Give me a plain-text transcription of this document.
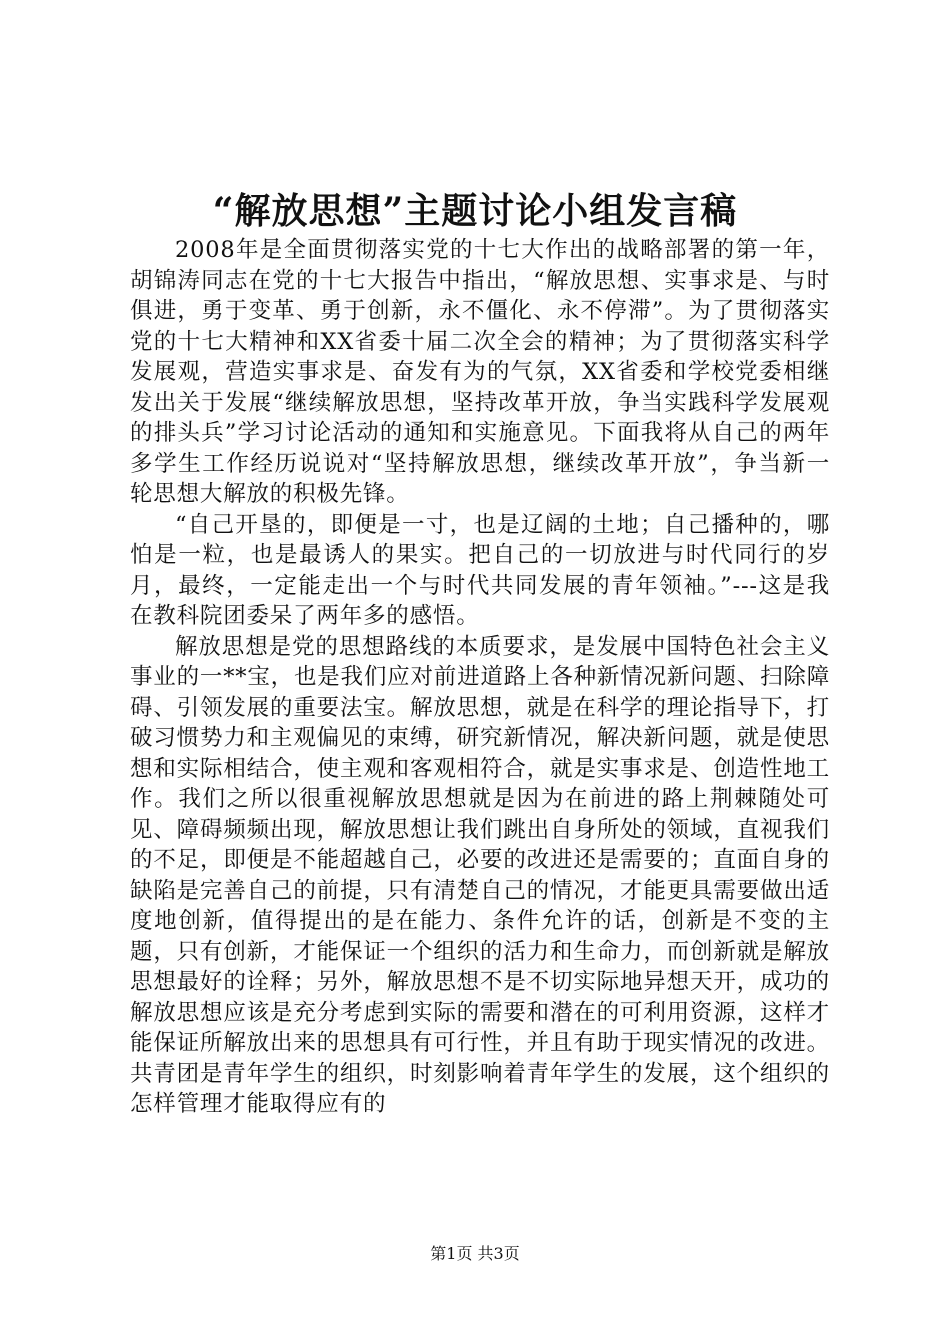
“解放思想”主题讨论小组发言稿

2008年是全面贯彻落实党的十七大作出的战略部署的第一年，胡锦涛同志在党的十七大报告中指出，“解放思想、实事求是、与时俱进，勇于变革、勇于创新，永不僵化、永不停滞”。为了贯彻落实党的十七大精神和XX省委十届二次全会的精神；为了贯彻落实科学发展观，营造实事求是、奋发有为的气氛，XX省委和学校党委相继发出关于发展“继续解放思想，坚持改革开放，争当实践科学发展观的排头兵”学习讨论活动的通知和实施意见。下面我将从自己的两年多学生工作经历说说对“坚持解放思想，继续改革开放”，争当新一轮思想大解放的积极先锋。

“自己开垦的，即便是一寸，也是辽阔的土地；自己播种的，哪怕是一粒，也是最诱人的果实。把自己的一切放进与时代同行的岁月，最终，一定能走出一个与时代共同发展的青年领袖。”---这是我在教科院团委呆了两年多的感悟。

解放思想是党的思想路线的本质要求，是发展中国特色社会主义事业的一**宝，也是我们应对前进道路上各种新情况新问题、扫除障碍、引领发展的重要法宝。解放思想，就是在科学的理论指导下，打破习惯势力和主观偏见的束缚，研究新情况，解决新问题，就是使思想和实际相结合，使主观和客观相符合，就是实事求是、创造性地工作。我们之所以很重视解放思想就是因为在前进的路上荆棘随处可见、障碍频频出现，解放思想让我们跳出自身所处的领域，直视我们的不足，即便是不能超越自己，必要的改进还是需要的；直面自身的缺陷是完善自己的前提，只有清楚自己的情况，才能更具需要做出适度地创新，值得提出的是在能力、条件允许的话，创新是不变的主题，只有创新，才能保证一个组织的活力和生命力，而创新就是解放思想最好的诠释；另外，解放思想不是不切实际地异想天开，成功的解放思想应该是充分考虑到实际的需要和潜在的可利用资源，这样才能保证所解放出来的思想具有可行性，并且有助于现实情况的改进。共青团是青年学生的组织，时刻影响着青年学生的发展，这个组织的怎样管理才能取得应有的

第1页 共3页
